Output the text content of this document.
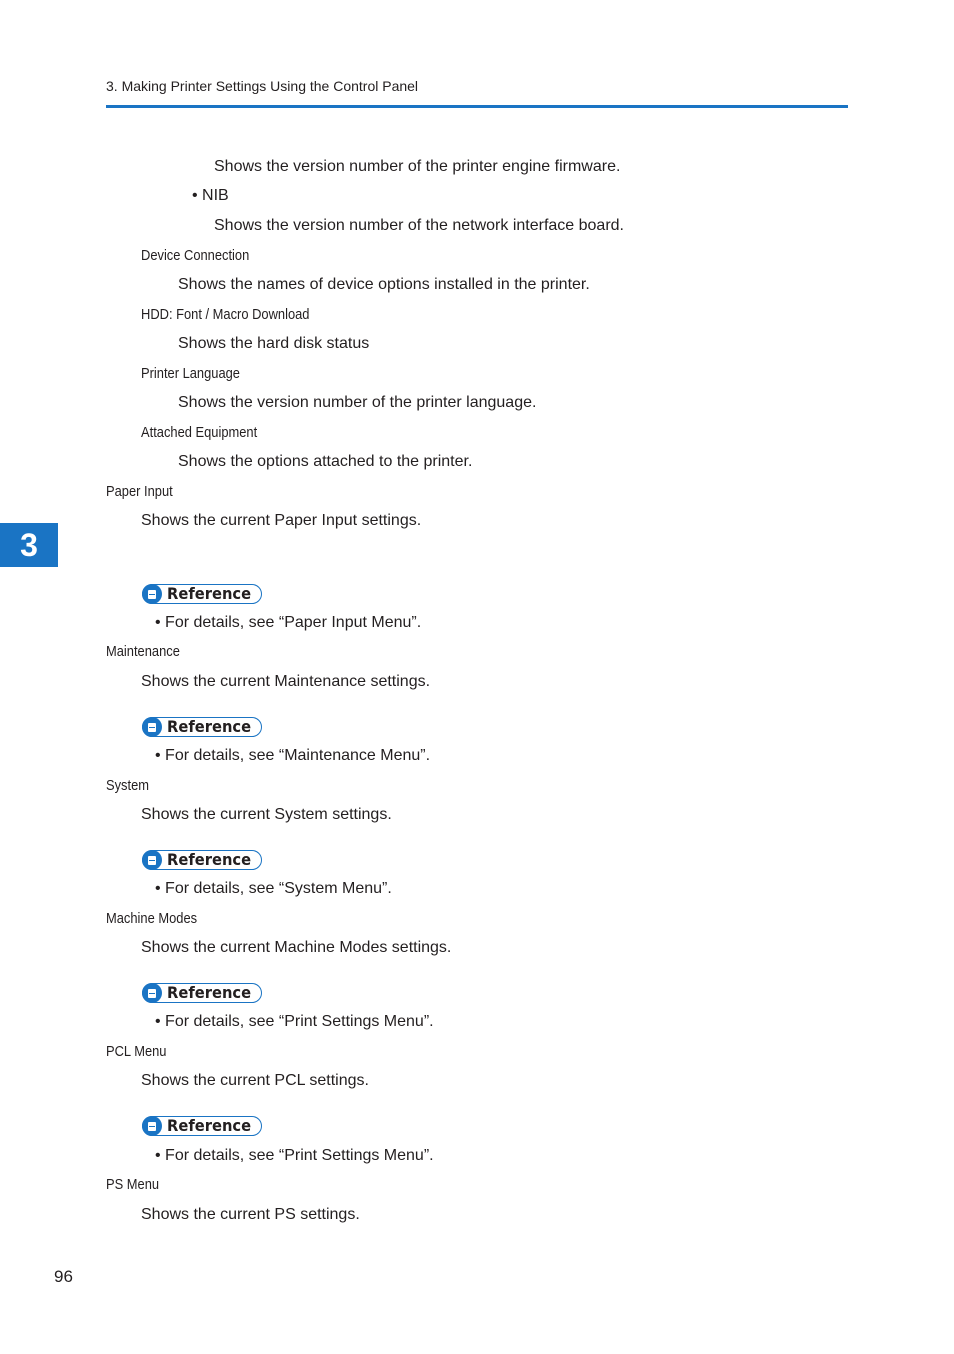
3. Making Printer Settings Using the Control Panel
3
Shows the version number of the printer engine firmware.
• NIB
Shows the version number of the network interface board.
Device Connection
Shows the names of device options installed in the printer.
HDD: Font / Macro Download
Shows the hard disk status
Printer Language
Shows the version number of the printer language.
Attached Equipment
Shows the options attached to the printer.
Paper Input
Shows the current Paper Input settings.
Reference
• For details, see “Paper Input Menu”.
Maintenance
Shows the current Maintenance settings.
Reference
• For details, see “Maintenance Menu”.
System
Shows the current System settings.
Reference
• For details, see “System Menu”.
Machine Modes
Shows the current Machine Modes settings.
Reference
• For details, see “Print Settings Menu”.
PCL Menu
Shows the current PCL settings.
Reference
• For details, see “Print Settings Menu”.
PS Menu
Shows the current PS settings.
96
